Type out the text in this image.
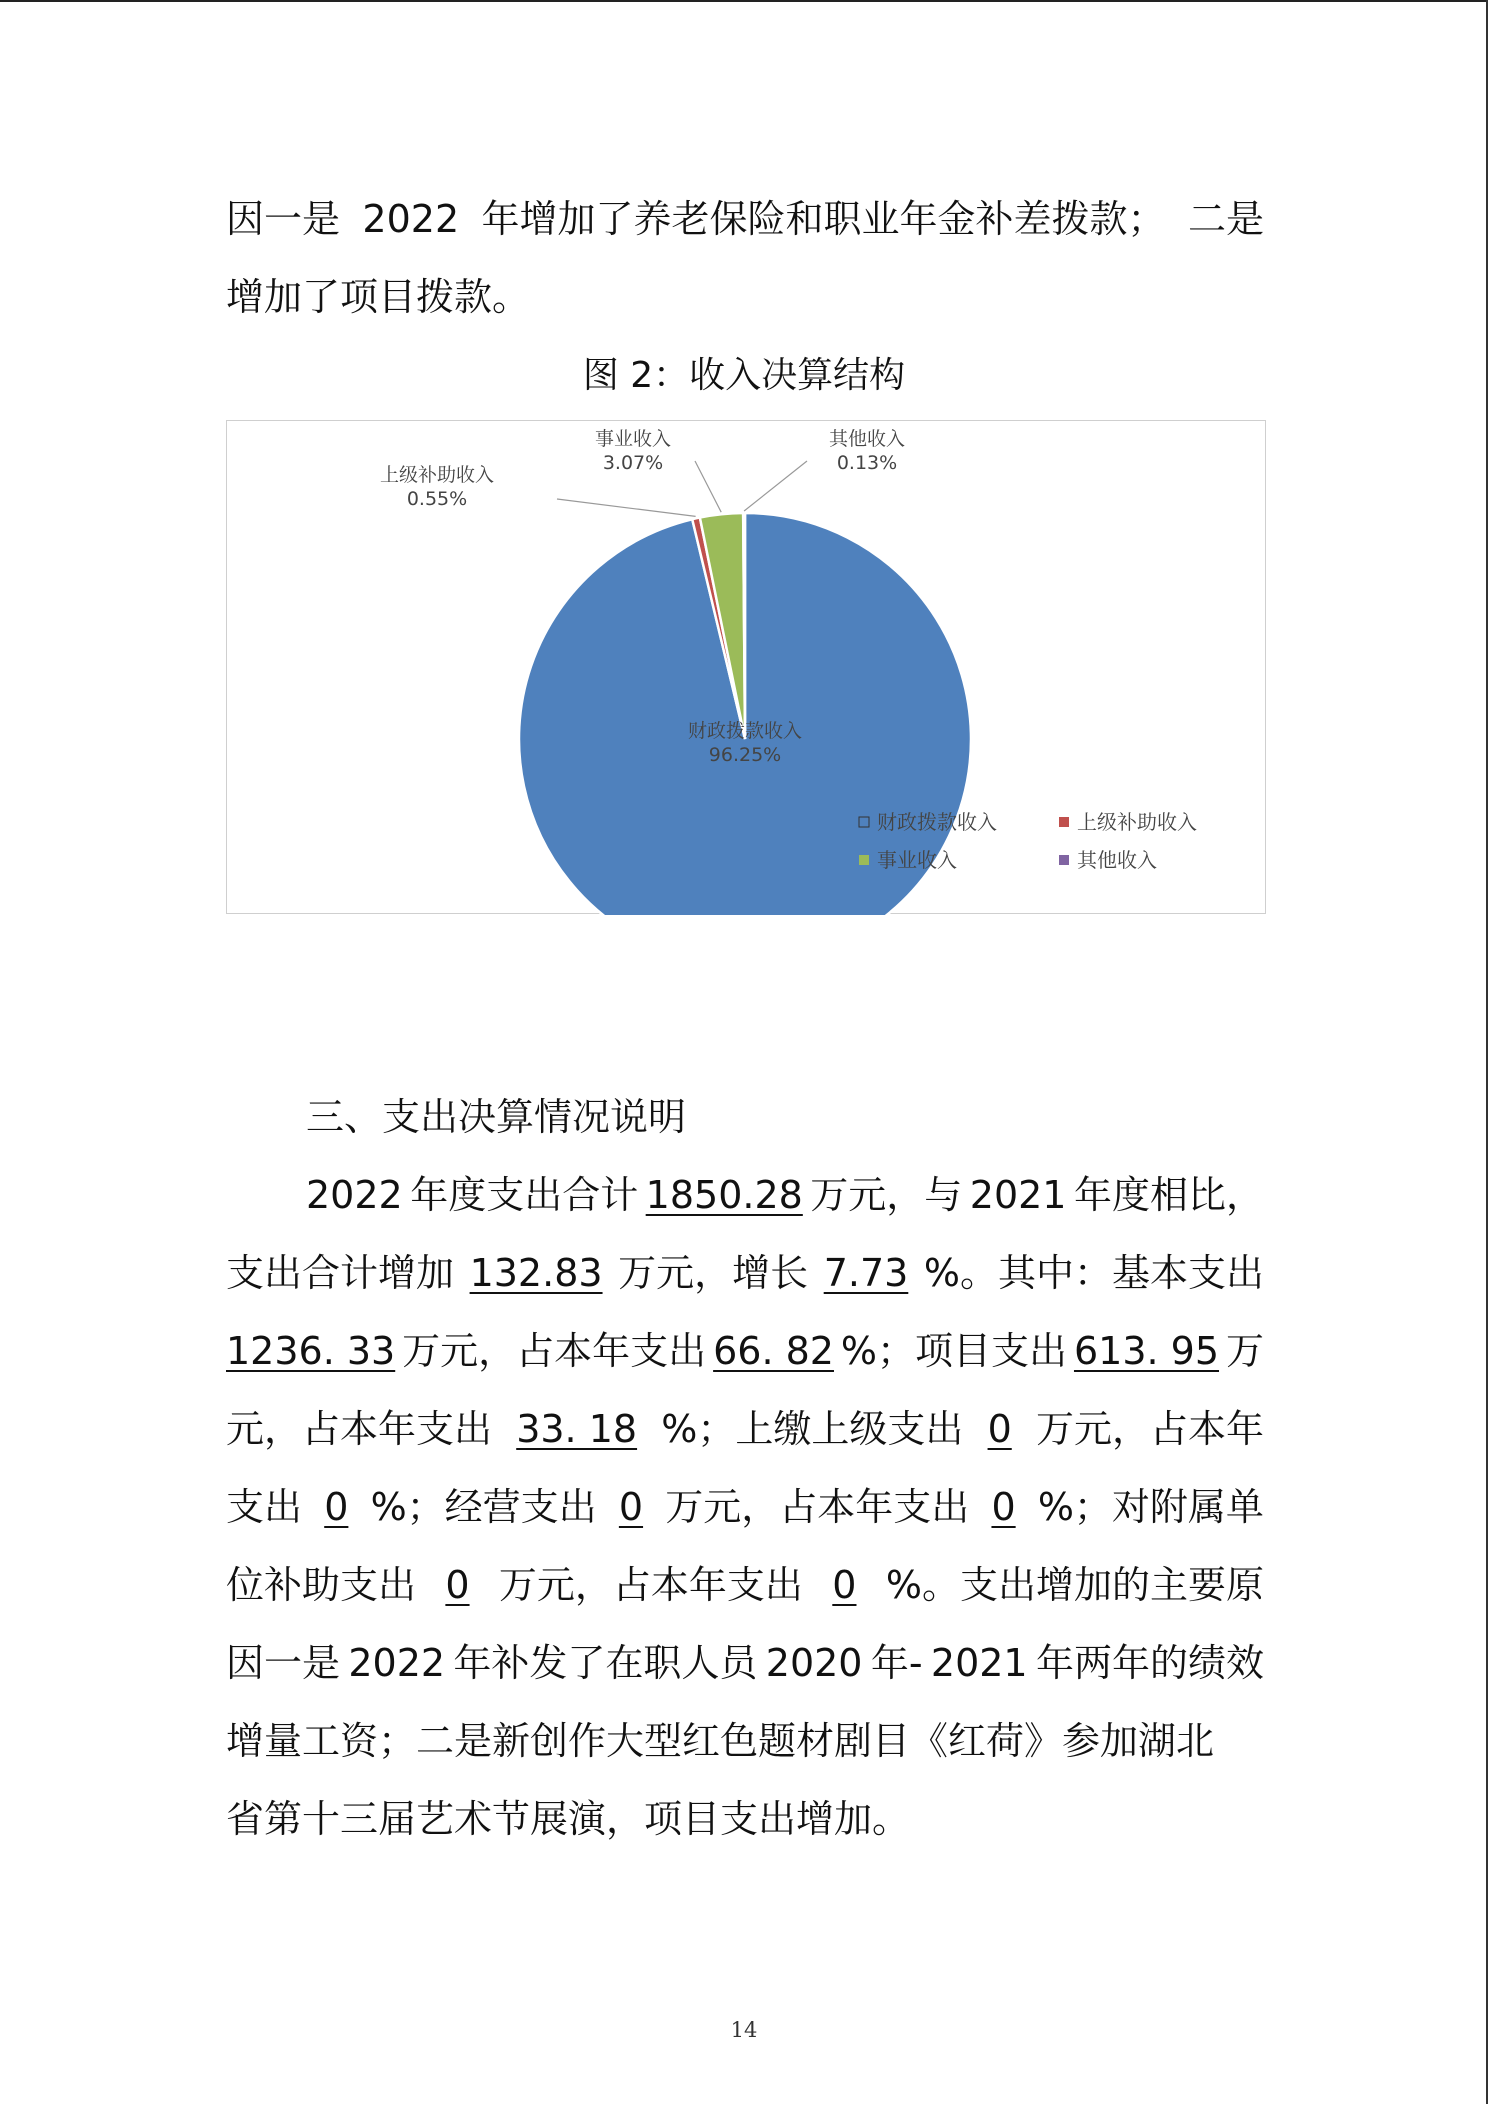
因一是 2022 年增加了养老保险和职业年金补差拨款； 二是
增加了项目拨款。
图 2：收入决算结构
财政拨款收入
96.25%
上级补助收入
0.55%
事业收入
3.07%
其他收入
0.13%
财政拨款收入	上级补助收入
事业收入	其他收入
三、支出决算情况说明
2022 年度支出合计 1850.28 万元，与 2021 年度相比，
支出合计增加 132.83 万元，增长 7.73 %。其中：基本支出
1236. 33 万元，占本年支出 66. 82 %；项目支出 613. 95 万
元，占本年支出 33. 18 %；上缴上级支出 0 万元，占本年
支出 0 %；经营支出 0 万元，占本年支出 0 %；对附属单
位补助支出 0 万元，占本年支出 0 %。支出增加的主要原
因一是 2022 年补发了在职人员 2020 年- 2021 年两年的绩效
增量工资；二是新创作大型红色题材剧目《红荷》参加湖北
省第十三届艺术节展演，项目支出增加。
14
